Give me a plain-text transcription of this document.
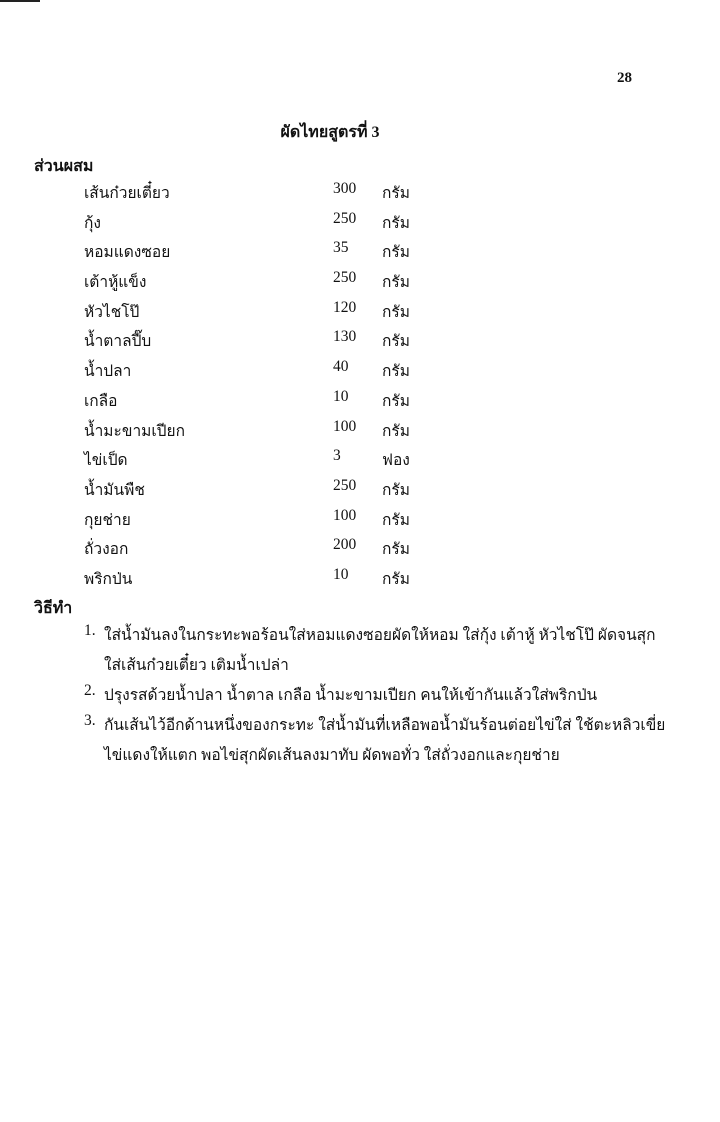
28
ผัดไทยสูตรที่ 3
ส่วนผสม
เส้นก๋วยเตี๋ยว	300 กรัม
กุ้ง	250 กรัม
หอมแดงซอย	35 กรัม
เต้าหู้แข็ง	250 กรัม
หัวไชโป๊	120 กรัม
น้ำตาลปี๊บ	130 กรัม
น้ำปลา	40 กรัม
เกลือ	10 กรัม
น้ำมะขามเปียก	100 กรัม
ไข่เป็ด	3	ฟอง
น้ำมันพืช	250 กรัม
กุยช่าย	100 กรัม
ถั่วงอก	200 กรัม
พริกป่น	10 กรัม
วิธีทำ
1. ใส่น้ำมันลงในกระทะพอร้อนใส่หอมแดงซอยผัดให้หอม ใส่กุ้ง เต้าหู้ หัวไชโป๊ ผัดจนสุก
ใส่เส้นก๋วยเตี๋ยว เติมน้ำเปล่า
2. ปรุงรสด้วยน้ำปลา น้ำตาล เกลือ น้ำมะขามเปียก คนให้เข้ากันแล้วใส่พริกป่น
3. กันเส้นไว้อีกด้านหนึ่งของกระทะ ใส่น้ำมันที่เหลือพอน้ำมันร้อนต่อยไข่ใส่ ใช้ตะหลิวเขี่ย
ไข่แดงให้แตก พอไข่สุกผัดเส้นลงมาทับ ผัดพอทั่ว ใส่ถั่วงอกและกุยช่าย
